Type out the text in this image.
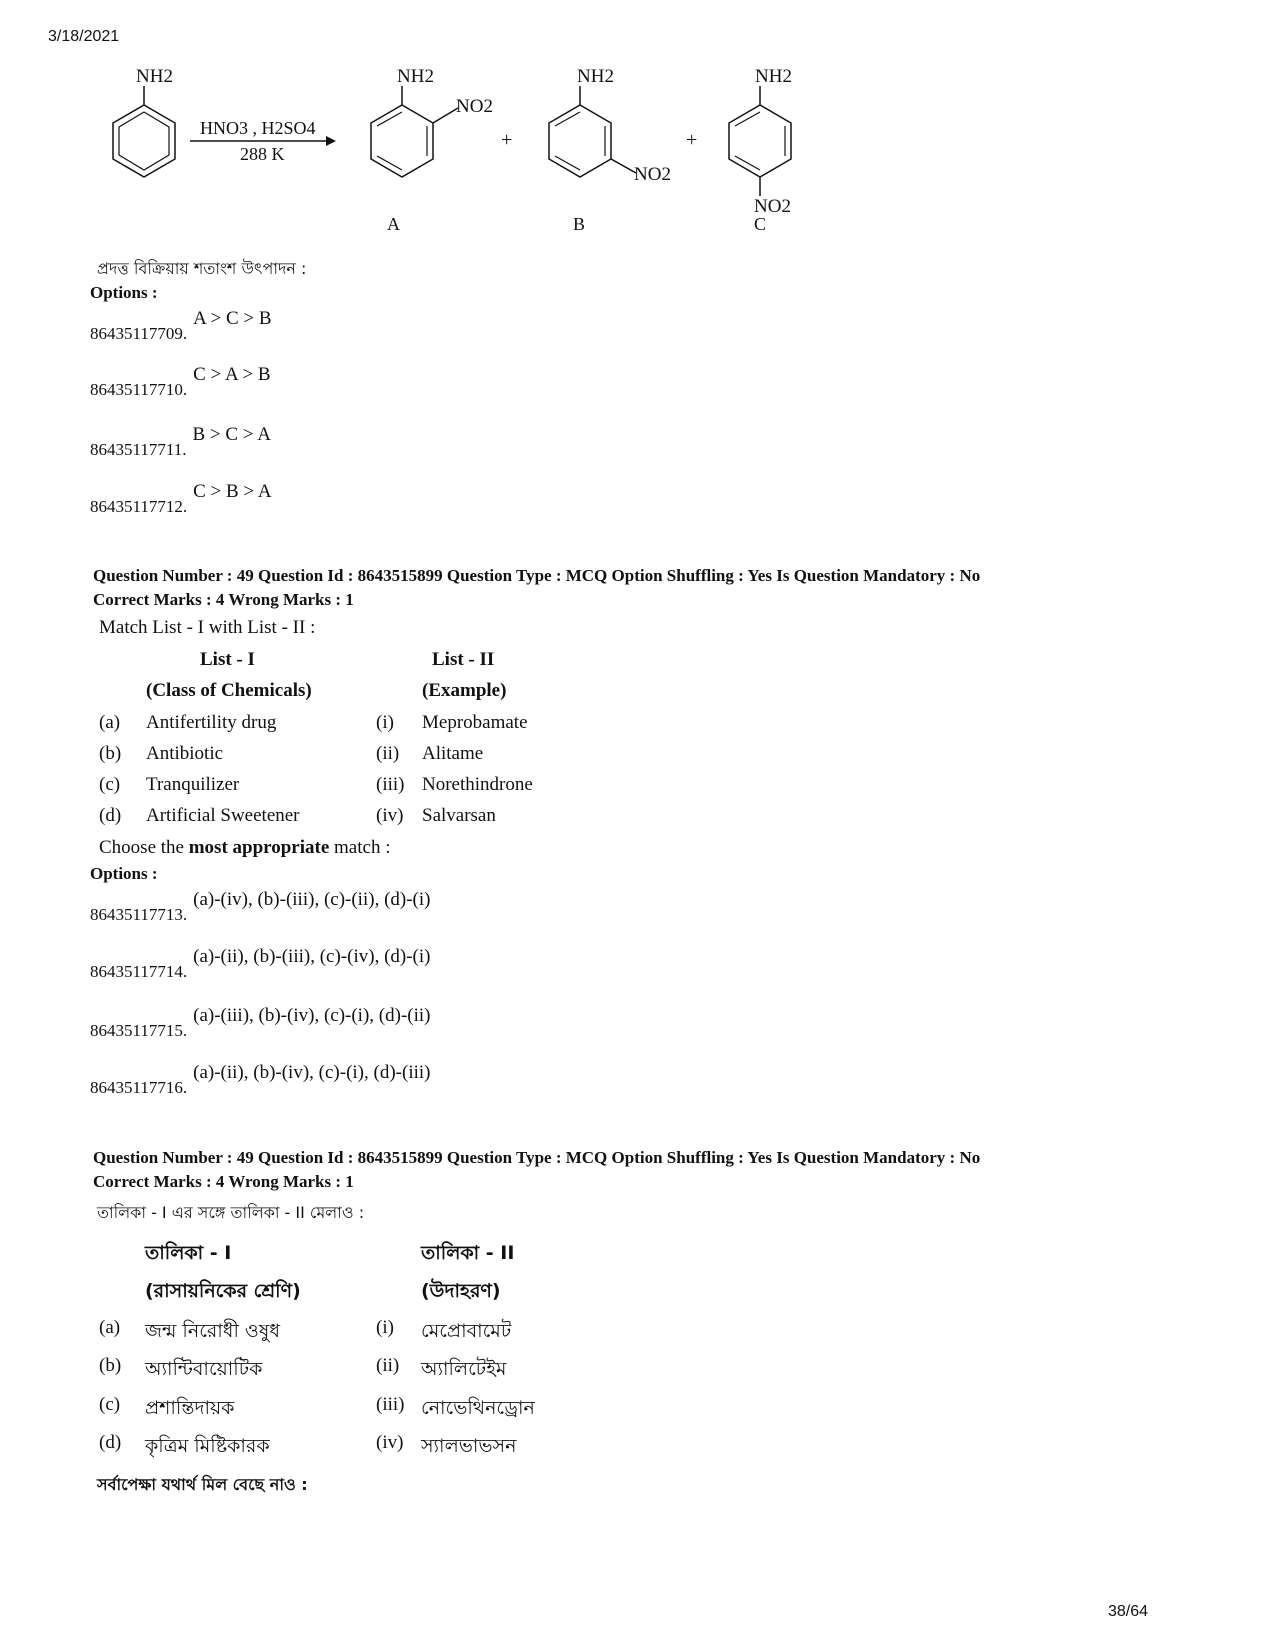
3/18/2021
NH2
HNO3 , H2SO4
288 K
NH2
NO2
A
+
NH2
NO2
B
+
NH2
NO2
C
প্রদত্ত বিক্রিয়ায় শতাংশ উৎপাদন :
Options :
86435117709.A > C > B
86435117710.C > A > B
86435117711.B > C > A
86435117712.C > B > A
Question Number : 49 Question Id : 8643515899 Question Type : MCQ Option Shuffling : Yes Is Question Mandatory : No
Correct Marks : 4 Wrong Marks : 1
Match List - I with List - II :
List - I	List - II
(Class of Chemicals)	(Example)
(a) Antifertility drug	(i) Meprobamate
(b) Antibiotic	(ii) Alitame
(c) Tranquilizer	(iii) Norethindrone
(d) Artificial Sweetener	(iv) Salvarsan
Choose the most appropriate match :
Options :
86435117713.(a)-(iv), (b)-(iii), (c)-(ii), (d)-(i)
86435117714.(a)-(ii), (b)-(iii), (c)-(iv), (d)-(i)
86435117715.(a)-(iii), (b)-(iv), (c)-(i), (d)-(ii)
86435117716.(a)-(ii), (b)-(iv), (c)-(i), (d)-(iii)
Question Number : 49 Question Id : 8643515899 Question Type : MCQ Option Shuffling : Yes Is Question Mandatory : No
Correct Marks : 4 Wrong Marks : 1
তালিকা - I এর সঙ্গে তালিকা - II মেলাও :
তালিকা - I	তালিকা - II
(রাসায়নিকের শ্রেণি)	(উদাহরণ)
(a) জন্ম নিরোধী ওষুধ	(i) মেপ্রোবামেট
(b) অ্যান্টিবায়োটিক	(ii) অ্যালিটেইম
(c) প্রশান্তিদায়ক	(iii) নোভেথিনড্রোন
(d) কৃত্রিম মিষ্টিকারক	(iv) স্যালভাভসন
সর্বাপেক্ষা যথার্থ মিল বেছে নাও :
38/64
